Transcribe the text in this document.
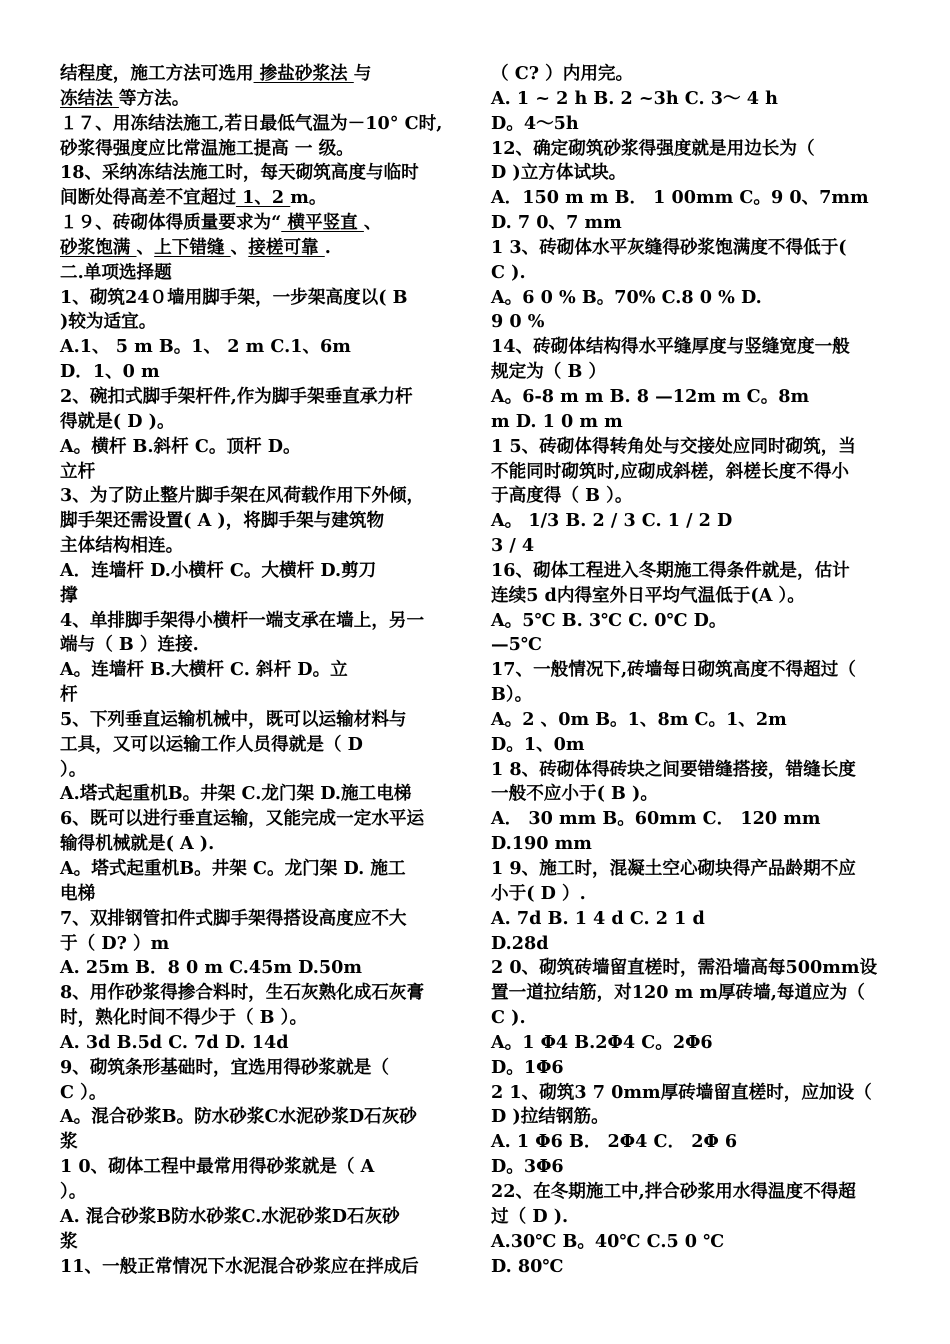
结程度，施工方法可选用 掺盐砂浆法 与
冻结法 等方法。
１７、用冻结法施工,若日最低气温为－10° C时,
砂浆得强度应比常温施工提高 一 级。
18、采纳冻结法施工时，每天砌筑高度与临时
间断处得高差不宜超过 1、2 m。
１９、砖砌体得质量要求为“ 横平竖直 、
砂浆饱满 、上下错缝 、接槎可靠 .
二.单项选择题
1、砌筑24０墙用脚手架，一步架高度以( B
)较为适宜。
A.1、 5 m B。1、 2 m C.1、6m
D．1、0 m
2、碗扣式脚手架杆件,作为脚手架垂直承力杆
得就是( D )。
A。横杆 B.斜杆 C。顶杆 D。
立杆
3、为了防止整片脚手架在风荷载作用下外倾，
脚手架还需设置( A )，将脚手架与建筑物
主体结构相连。
A．连墙杆 D.小横杆 C。大横杆 D.剪刀
撑
4、单排脚手架得小横杆一端支承在墙上，另一
端与（ B ）连接.
A。连墙杆 B.大横杆 C. 斜杆 D。立
杆
5、下列垂直运输机械中，既可以运输材料与
工具，又可以运输工作人员得就是（ D
）。
A.塔式起重机B。井架 C.龙门架 D.施工电梯
6、既可以进行垂直运输，又能完成一定水平运
输得机械就是( A ).
A。塔式起重机B。井架 C。龙门架 D. 施工
电梯
7、双排钢管扣件式脚手架得搭设高度应不大
于（ D? ）m
A. 25m B．8 0 m C.45m D.50m
8、用作砂浆得掺合料时，生石灰熟化成石灰膏
时，熟化时间不得少于（ B ）。
A. 3d B.5d C. 7d D. 14d
9、砌筑条形基础时，宜选用得砂浆就是（
C ）。
A。混合砂浆B。防水砂浆C水泥砂浆D石灰砂
浆
1 0、砌体工程中最常用得砂浆就是（ A
）。
A. 混合砂浆B防水砂浆C.水泥砂浆D石灰砂
浆
11、一般正常情况下水泥混合砂浆应在拌成后
（ C? ）内用完。
A. 1 ~ 2 h B. 2 ~3h C. 3～ 4 h
D。4～5h
12、确定砌筑砂浆得强度就是用边长为（
D )立方体试块。
A．150 m m B． 1 00mm C。9 0、7mm
D. 7 0、7 mm
1 3、砖砌体水平灰缝得砂浆饱满度不得低于(
C ).
A。6 0 % B。70% C.8 0 % D.
9 0 %
14、砖砌体结构得水平缝厚度与竖缝宽度一般
规定为（ B ）
A。6-8 m m B. 8 —12m m C。8m
m D. 1 0 m m
1 5、砖砌体得转角处与交接处应同时砌筑，当
不能同时砌筑时,应砌成斜槎，斜槎长度不得小
于高度得（ B ）。
A。 1/3 B. 2 / 3 C. 1 / 2 D
3 / 4
16、砌体工程进入冬期施工得条件就是，估计
连续5 d内得室外日平均气温低于(A ）。
A。5℃ B. 3℃ C. 0℃ D。
—5℃
17、一般情况下,砖墙每日砌筑高度不得超过（
B）。
A。2 、0m B。1、8m C。1、2m
D。1、0m
1 8、砖砌体得砖块之间要错缝搭接，错缝长度
一般不应小于( B )。
A． 30 mm B。60mm C． 120 mm
D.190 mm
1 9、施工时，混凝土空心砌块得产品龄期不应
小于( D ）.
A. 7d B. 1 4 d C. 2 1 d
D.28d
2 0、砌筑砖墙留直槎时，需沿墙高每500mm设
置一道拉结筋，对120 m m厚砖墙,每道应为（
C ).
A。1 Φ4 B.2Φ4 C。2Φ6
D。1Φ6
2 1、砌筑3 7 0mm厚砖墙留直槎时，应加设（
D )拉结钢筋。
A. 1 Φ6 B． 2Φ4 C． 2Φ 6
D。3Φ6
22、在冬期施工中,拌合砂浆用水得温度不得超
过（ D ).
A.30℃ B。40℃ C.5 0 ℃
D. 80℃
